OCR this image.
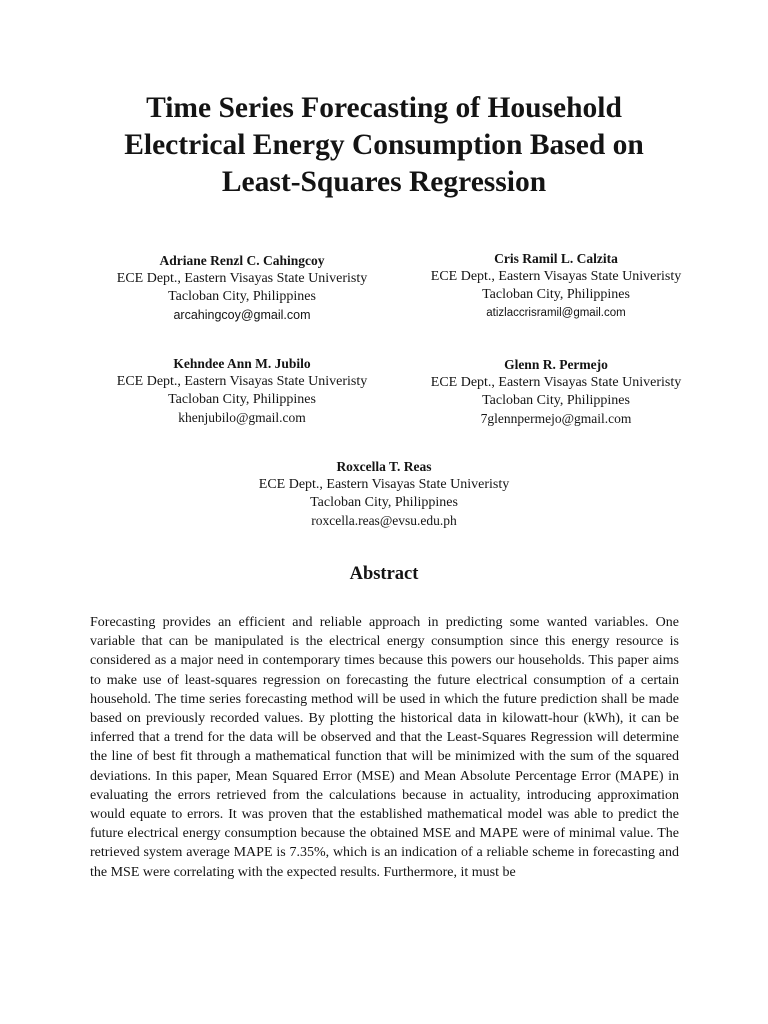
Time Series Forecasting of Household
Electrical Energy Consumption Based on
Least-Squares Regression
Adriane Renzl C. Cahingcoy
ECE Dept., Eastern Visayas State Univeristy
Tacloban City, Philippines
arcahingcoy@gmail.com
Cris Ramil L. Calzita
ECE Dept., Eastern Visayas State Univeristy
Tacloban City, Philippines
atizlaccrisramil@gmail.com
Kehndee Ann M. Jubilo
ECE Dept., Eastern Visayas State Univeristy
Tacloban City, Philippines
khenjubilo@gmail.com
Glenn R. Permejo
ECE Dept., Eastern Visayas State Univeristy
Tacloban City, Philippines
7glennpermejo@gmail.com
Roxcella T. Reas
ECE Dept., Eastern Visayas State Univeristy
Tacloban City, Philippines
roxcella.reas@evsu.edu.ph
Abstract
Forecasting provides an efficient and reliable approach in predicting some wanted variables. One variable that can be manipulated is the electrical energy consumption since this energy resource is considered as a major need in contemporary times because this powers our households. This paper aims to make use of least-squares regression on forecasting the future electrical consumption of a certain household. The time series forecasting method will be used in which the future prediction shall be made based on previously recorded values. By plotting the historical data in kilowatt-hour (kWh), it can be inferred that a trend for the data will be observed and that the Least-Squares Regression will determine the line of best fit through a mathematical function that will be minimized with the sum of the squared deviations. In this paper, Mean Squared Error (MSE) and Mean Absolute Percentage Error (MAPE) in evaluating the errors retrieved from the calculations because in actuality, introducing approximation would equate to errors. It was proven that the established mathematical model was able to predict the future electrical energy consumption because the obtained MSE and MAPE were of minimal value. The retrieved system average MAPE is 7.35%, which is an indication of a reliable scheme in forecasting and the MSE were correlating with the expected results. Furthermore, it must be
